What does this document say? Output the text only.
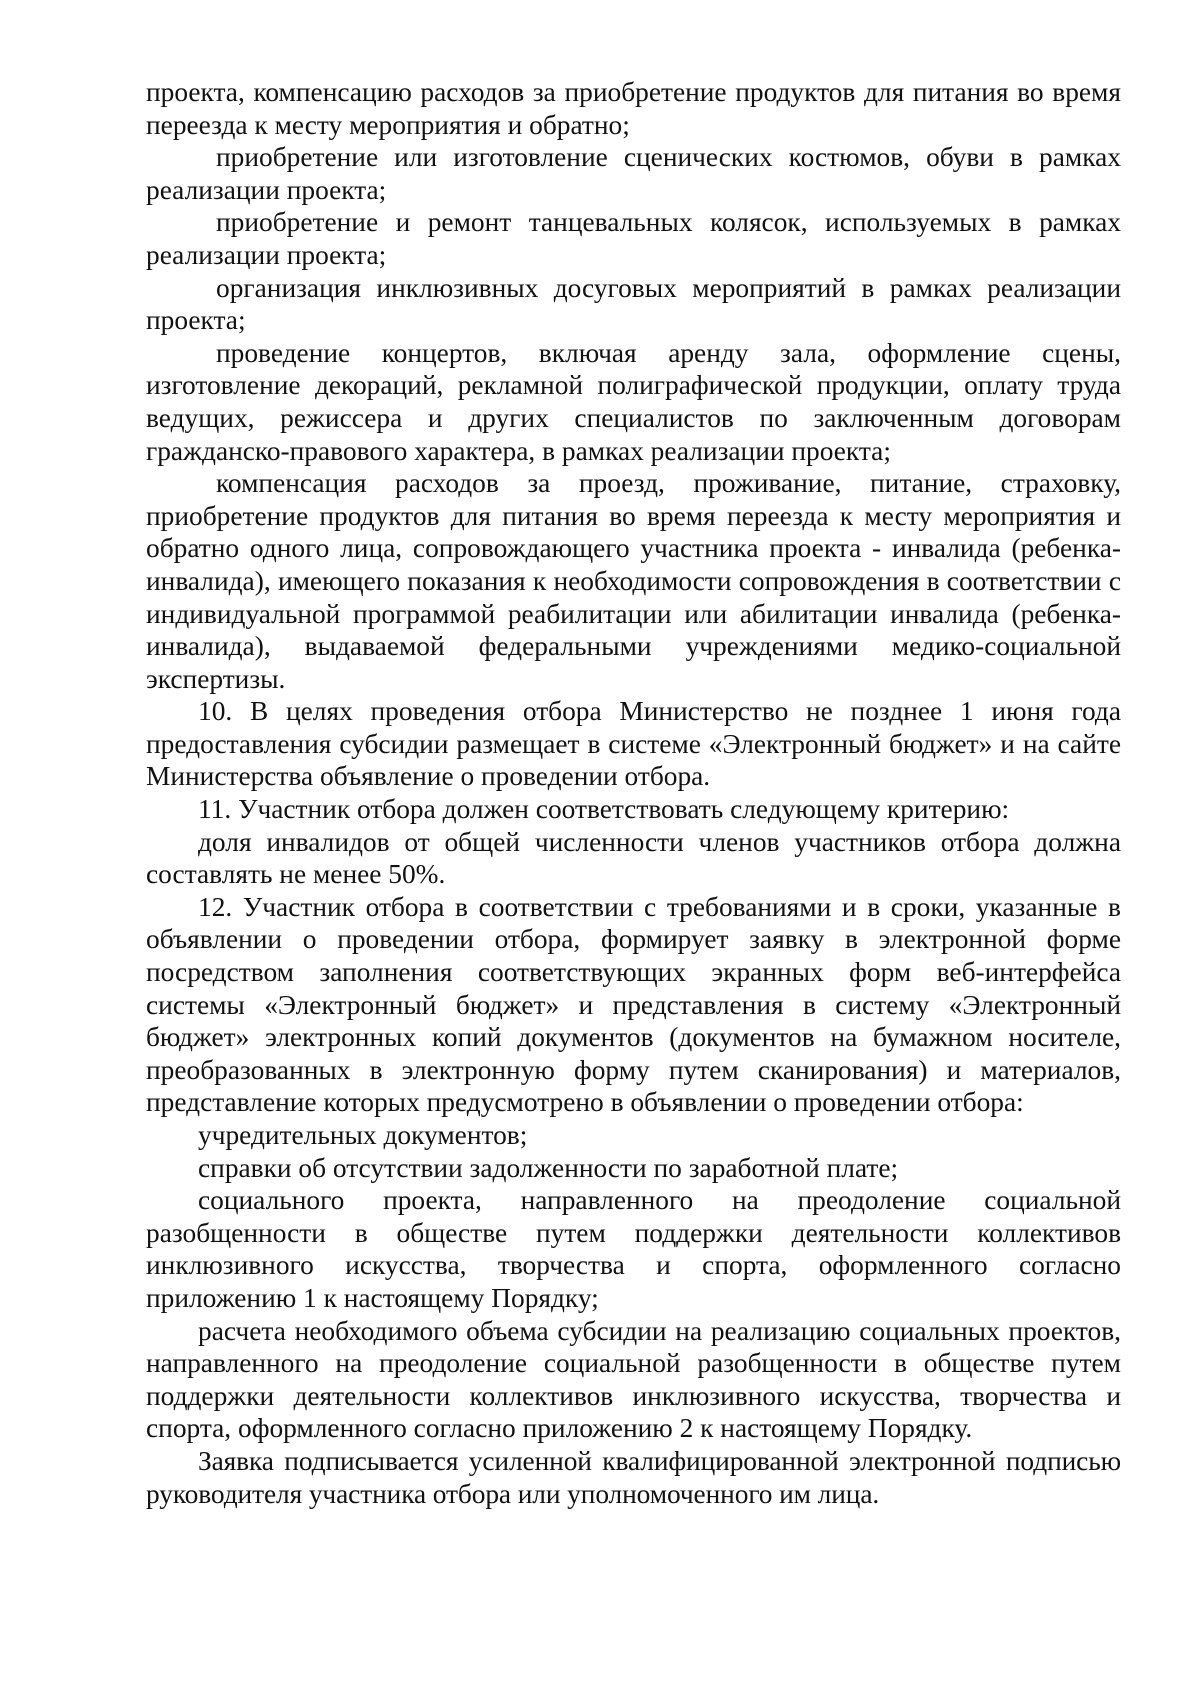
проекта, компенсацию расходов за приобретение продуктов для питания во время переезда к месту мероприятия и обратно;

приобретение или изготовление сценических костюмов, обуви в рамках реализации проекта;

приобретение и ремонт танцевальных колясок, используемых в рамках реализации проекта;

организация инклюзивных досуговых мероприятий в рамках реализации проекта;

проведение концертов, включая аренду зала, оформление сцены, изготовление декораций, рекламной полиграфической продукции, оплату труда ведущих, режиссера и других специалистов по заключенным договорам гражданско-правового характера, в рамках реализации проекта;

компенсация расходов за проезд, проживание, питание, страховку, приобретение продуктов для питания во время переезда к месту мероприятия и обратно одного лица, сопровождающего участника проекта - инвалида (ребенка-инвалида), имеющего показания к необходимости сопровождения в соответствии с индивидуальной программой реабилитации или абилитации инвалида (ребенка-инвалида), выдаваемой федеральными учреждениями медико-социальной экспертизы.

10. В целях проведения отбора Министерство не позднее 1 июня года предоставления субсидии размещает в системе «Электронный бюджет» и на сайте Министерства объявление о проведении отбора.

11. Участник отбора должен соответствовать следующему критерию:

доля инвалидов от общей численности членов участников отбора должна составлять не менее 50%.

12. Участник отбора в соответствии с требованиями и в сроки, указанные в объявлении о проведении отбора, формирует заявку в электронной форме посредством заполнения соответствующих экранных форм веб-интерфейса системы «Электронный бюджет» и представления в систему «Электронный бюджет» электронных копий документов (документов на бумажном носителе, преобразованных в электронную форму путем сканирования) и материалов, представление которых предусмотрено в объявлении о проведении отбора:

учредительных документов;

справки об отсутствии задолженности по заработной плате;

социального проекта, направленного на преодоление социальной разобщенности в обществе путем поддержки деятельности коллективов инклюзивного искусства, творчества и спорта, оформленного согласно приложению 1 к настоящему Порядку;

расчета необходимого объема субсидии на реализацию социальных проектов, направленного на преодоление социальной разобщенности в обществе путем поддержки деятельности коллективов инклюзивного искусства, творчества и спорта, оформленного согласно приложению 2 к настоящему Порядку.

Заявка подписывается усиленной квалифицированной электронной подписью руководителя участника отбора или уполномоченного им лица.
